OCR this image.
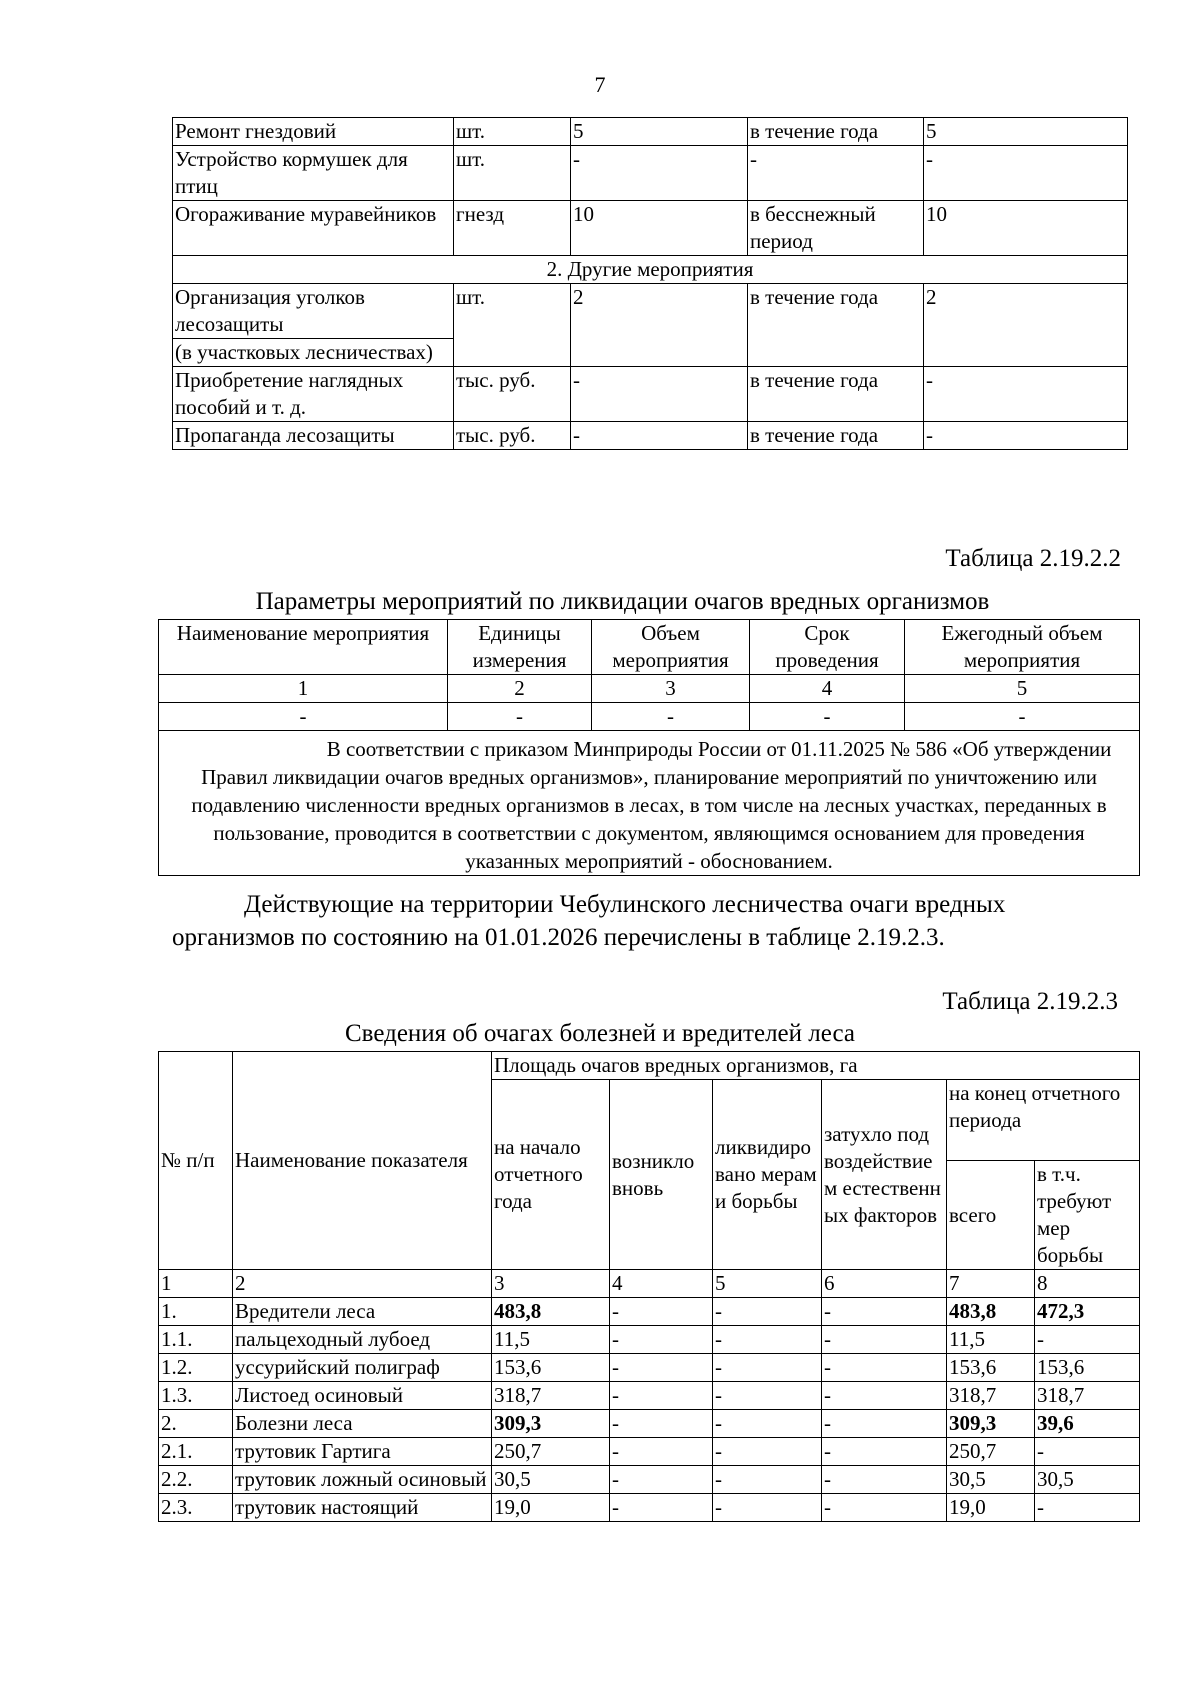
7
Ремонт гнездовий	шт.	5	в течение года	5
Устройство кормушек для птиц	шт.	-	-	-
Огораживание муравейников	гнезд	10	в бесснежный период	10
2. Другие мероприятия				
Организация уголков лесозащиты	шт.	2	в течение года	2
(в участковых лесничествах)				
Приобретение наглядных пособий и т. д.	тыс. руб.	-	в течение года	-
Пропаганда лесозащиты	тыс. руб.	-	в течение года	-
Таблица 2.19.2.2
Параметры мероприятий по ликвидации очагов вредных организмов
Наименование мероприятия	Единицы измерения	Объем мероприятия	Срок проведения	Ежегодный объем мероприятия
1	2	3	4	5
-	-	-	-	-
В соответствии с приказом Минприроды России от 01.11.2025 № 586 «Об утверждении Правил ликвидации очагов вредных организмов», планирование мероприятий по уничтожению или подавлению численности вредных организмов в лесах, в том числе на лесных участках, переданных в пользование, проводится в соответствии с документом, являющимся основанием для проведения указанных мероприятий - обоснованием.				
Действующие на территории Чебулинского лесничества очаги вредных организмов по состоянию на 01.01.2026 перечислены в таблице 2.19.2.3.
Таблица 2.19.2.3
Сведения об очагах болезней и вредителей леса
№ п/п	Наименование показателя	Площадь очагов вредных организмов, га					
		на начало отчетного года	возникло вновь	ликвидировано мерами борьбы	затухло под воздействием естественных факторов	на конец отчетного периода	
						всего	в т.ч. требуют мер борьбы
1	2	3	4	5	6	7	8
1.	Вредители леса	483,8	-	-	-	483,8	472,3
1.1.	пальцеходный лубоед	11,5	-	-	-	11,5	-
1.2.	уссурийский полиграф	153,6	-	-	-	153,6	153,6
1.3.	Листоед осиновый	318,7	-	-	-	318,7	318,7
2.	Болезни леса	309,3	-	-	-	309,3	39,6
2.1.	трутовик Гартига	250,7	-	-	-	250,7	-
2.2.	трутовик ложный осиновый	30,5	-	-	-	30,5	30,5
2.3.	трутовик настоящий	19,0	-	-	-	19,0	-
